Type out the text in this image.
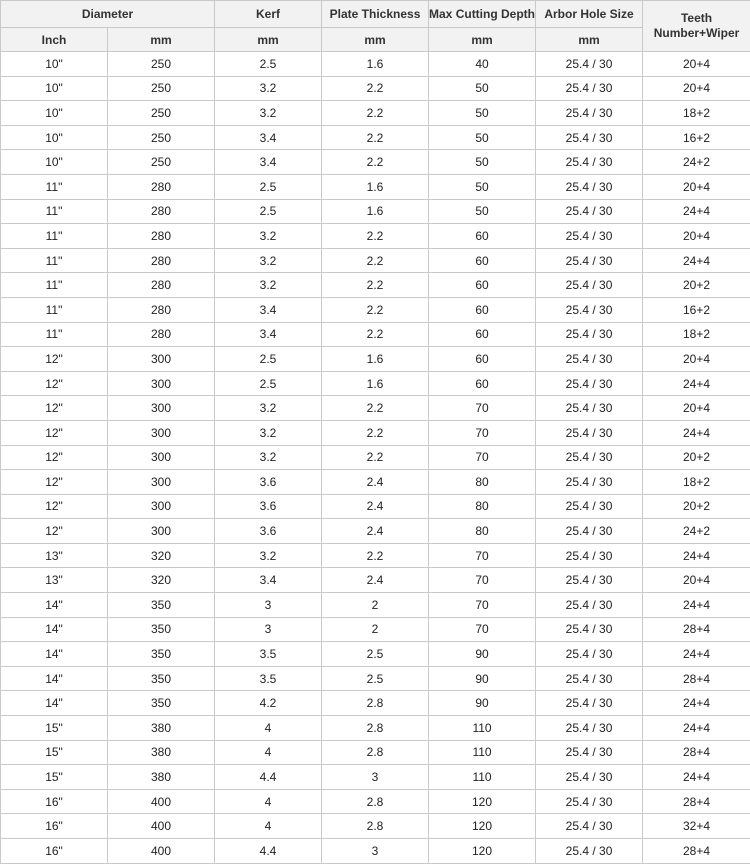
Diameter		Kerf	Plate Thickness	Max Cutting Depth	Arbor Hole Size	Teeth
Number+Wiper
Inch	mm	mm	mm	mm	mm	
10"	250	2.5	1.6	40	25.4 / 30	20+4
10"	250	3.2	2.2	50	25.4 / 30	20+4
10"	250	3.2	2.2	50	25.4 / 30	18+2
10"	250	3.4	2.2	50	25.4 / 30	16+2
10"	250	3.4	2.2	50	25.4 / 30	24+2
11"	280	2.5	1.6	50	25.4 / 30	20+4
11"	280	2.5	1.6	50	25.4 / 30	24+4
11"	280	3.2	2.2	60	25.4 / 30	20+4
11"	280	3.2	2.2	60	25.4 / 30	24+4
11"	280	3.2	2.2	60	25.4 / 30	20+2
11"	280	3.4	2.2	60	25.4 / 30	16+2
11"	280	3.4	2.2	60	25.4 / 30	18+2
12"	300	2.5	1.6	60	25.4 / 30	20+4
12"	300	2.5	1.6	60	25.4 / 30	24+4
12"	300	3.2	2.2	70	25.4 / 30	20+4
12"	300	3.2	2.2	70	25.4 / 30	24+4
12"	300	3.2	2.2	70	25.4 / 30	20+2
12"	300	3.6	2.4	80	25.4 / 30	18+2
12"	300	3.6	2.4	80	25.4 / 30	20+2
12"	300	3.6	2.4	80	25.4 / 30	24+2
13"	320	3.2	2.2	70	25.4 / 30	24+4
13"	320	3.4	2.4	70	25.4 / 30	20+4
14"	350	3	2	70	25.4 / 30	24+4
14"	350	3	2	70	25.4 / 30	28+4
14"	350	3.5	2.5	90	25.4 / 30	24+4
14"	350	3.5	2.5	90	25.4 / 30	28+4
14"	350	4.2	2.8	90	25.4 / 30	24+4
15"	380	4	2.8	110	25.4 / 30	24+4
15"	380	4	2.8	110	25.4 / 30	28+4
15"	380	4.4	3	110	25.4 / 30	24+4
16"	400	4	2.8	120	25.4 / 30	28+4
16"	400	4	2.8	120	25.4 / 30	32+4
16"	400	4.4	3	120	25.4 / 30	28+4
